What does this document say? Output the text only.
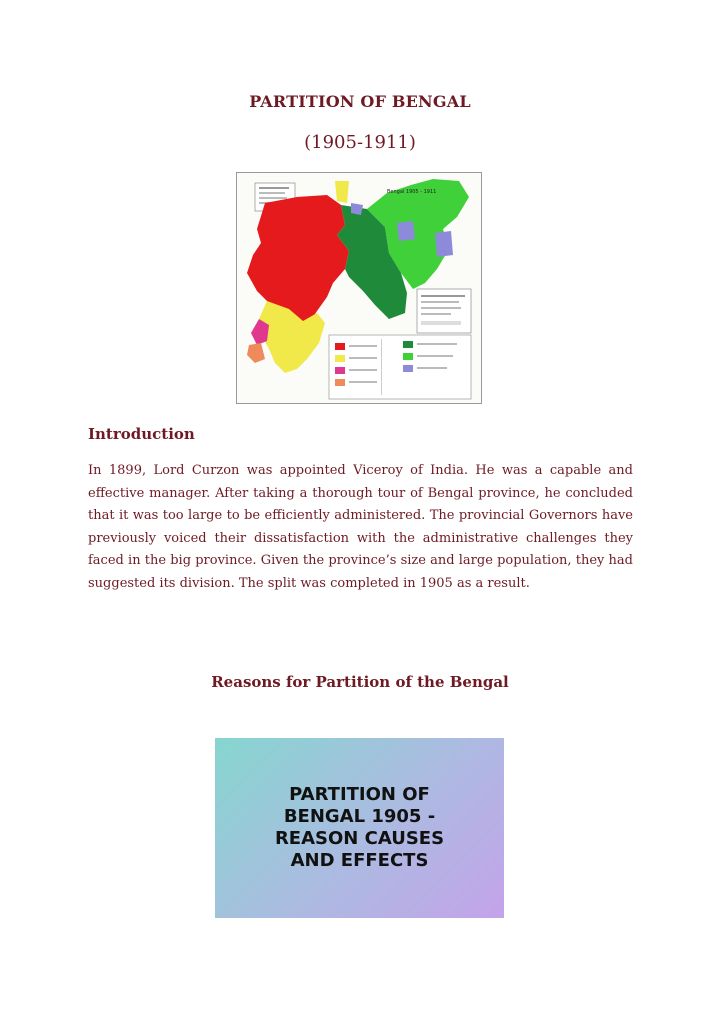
PARTITION OF BENGAL
(1905-1911)
Bengal 1905 - 1911
Introduction
In 1899, Lord Curzon was appointed Viceroy of India. He was a capable and effective manager. After taking a thorough tour of Bengal province, he concluded that it was too large to be efficiently administered. The provincial Governors have previously voiced their dissatisfaction with the administrative challenges they faced in the big province. Given the province’s size and large population, they had suggested its division. The split was completed in 1905 as a result.
Reasons for Partition of the Bengal
PARTITION OF BENGAL 1905 - REASON CAUSES AND EFFECTS
